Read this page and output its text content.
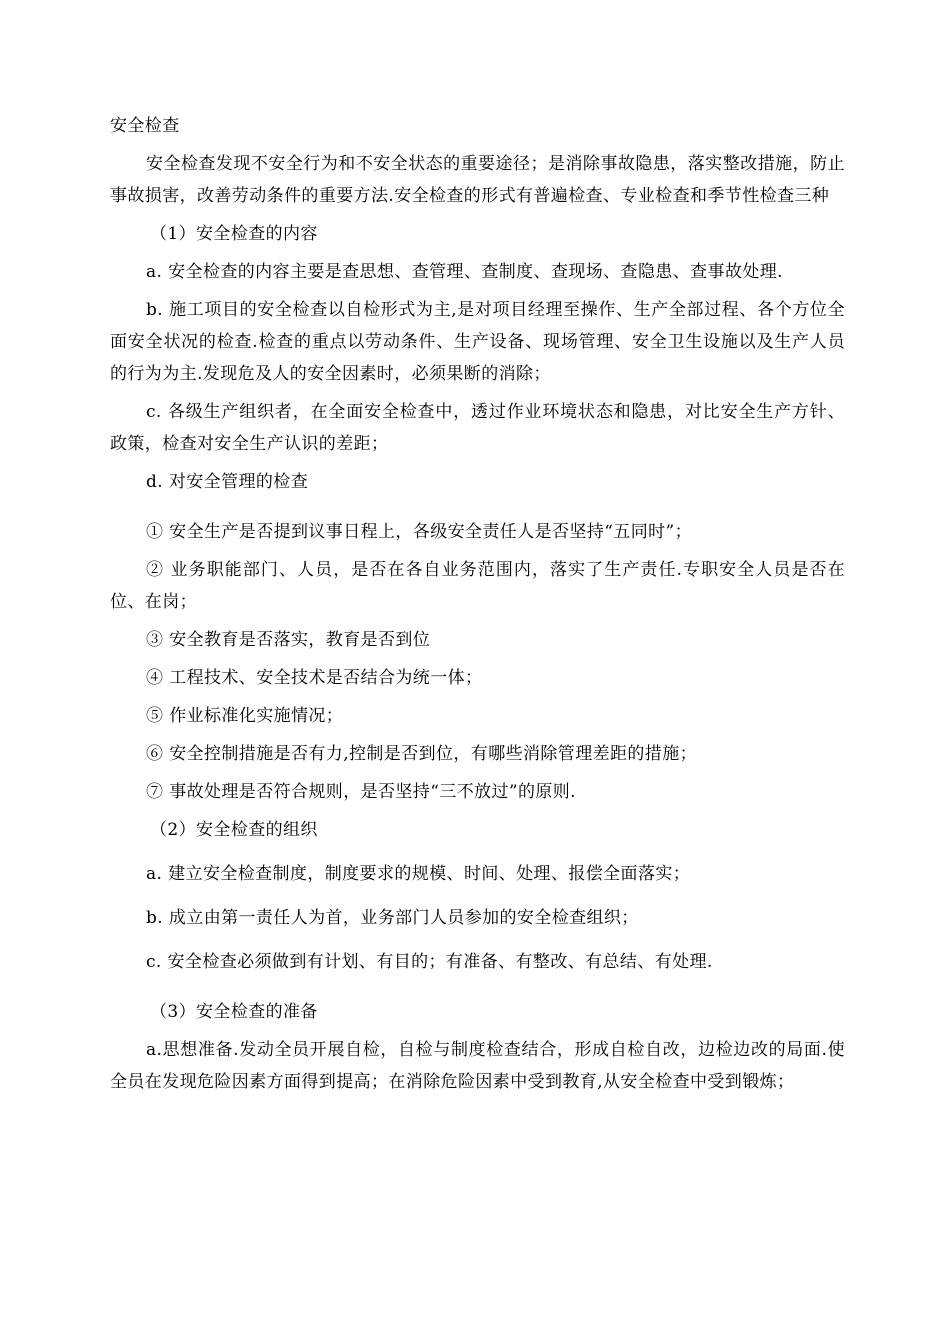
安全检查

安全检查发现不安全行为和不安全状态的重要途径；是消除事故隐患，落实整改措施，防止事故损害，改善劳动条件的重要方法.安全检查的形式有普遍检查、专业检查和季节性检查三种

（1）安全检查的内容

a. 安全检查的内容主要是查思想、查管理、查制度、查现场、查隐患、查事故处理.

b. 施工项目的安全检查以自检形式为主,是对项目经理至操作、生产全部过程、各个方位全面安全状况的检查.检查的重点以劳动条件、生产设备、现场管理、安全卫生设施以及生产人员的行为为主.发现危及人的安全因素时，必须果断的消除；

c. 各级生产组织者，在全面安全检查中，透过作业环境状态和隐患，对比安全生产方针、政策，检查对安全生产认识的差距；

d. 对安全管理的检查

① 安全生产是否提到议事日程上，各级安全责任人是否坚持“五同时”；

② 业务职能部门、人员，是否在各自业务范围内，落实了生产责任.专职安全人员是否在位、在岗；

③ 安全教育是否落实，教育是否到位

④ 工程技术、安全技术是否结合为统一体；

⑤ 作业标准化实施情况；

⑥ 安全控制措施是否有力,控制是否到位，有哪些消除管理差距的措施；

⑦ 事故处理是否符合规则，是否坚持“三不放过”的原则.

（2）安全检查的组织

a. 建立安全检查制度，制度要求的规模、时间、处理、报偿全面落实；

b. 成立由第一责任人为首，业务部门人员参加的安全检查组织；

c. 安全检查必须做到有计划、有目的；有准备、有整改、有总结、有处理.

（3）安全检查的准备

a.思想准备.发动全员开展自检，自检与制度检查结合，形成自检自改，边检边改的局面.使全员在发现危险因素方面得到提高；在消除危险因素中受到教育,从安全检查中受到锻炼；
